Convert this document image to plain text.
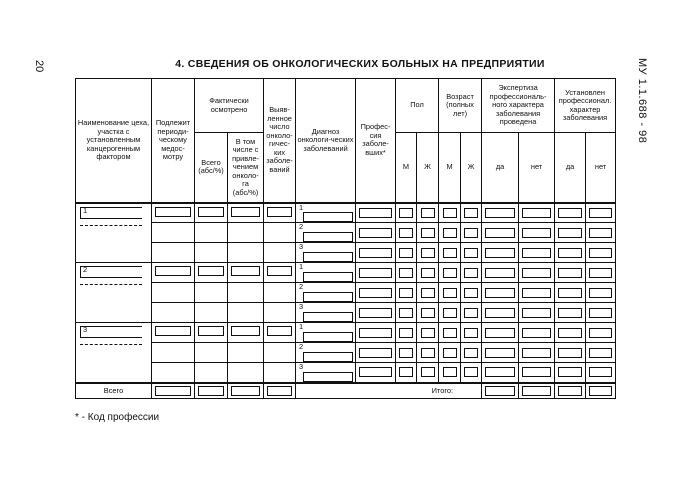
20	МУ 1.1.688 - 98
4. СВЕДЕНИЯ ОБ ОНКОЛОГИЧЕСКИХ БОЛЬНЫХ НА ПРЕДПРИЯТИИ
Наименование цеха, участка с установленным канцерогенным фактором	Подлежит периоди-ческому медос-мотру	Фактически осмотрено		Выяв-ленное число онколо-гичес-ких заболе-ваний	Диагноз онкологи-ческих заболеваний	Профес-сия заболе-вших*	Пол		Возраст (полных лет)		Экспертиза профессиональ-ного характера заболевания проведена		Установлен профессионал. характер заболевания	
		Всего (абс/%)	В том числе с привле-чением онколо-га (абс/%)				М	Ж	М	Ж	да	нет	да	нет

1					1									
					2									
					3									

2					1									
					2									
					3									

3					1									
					2									
					3									
Всего					Итого:									
* - Код профессии
